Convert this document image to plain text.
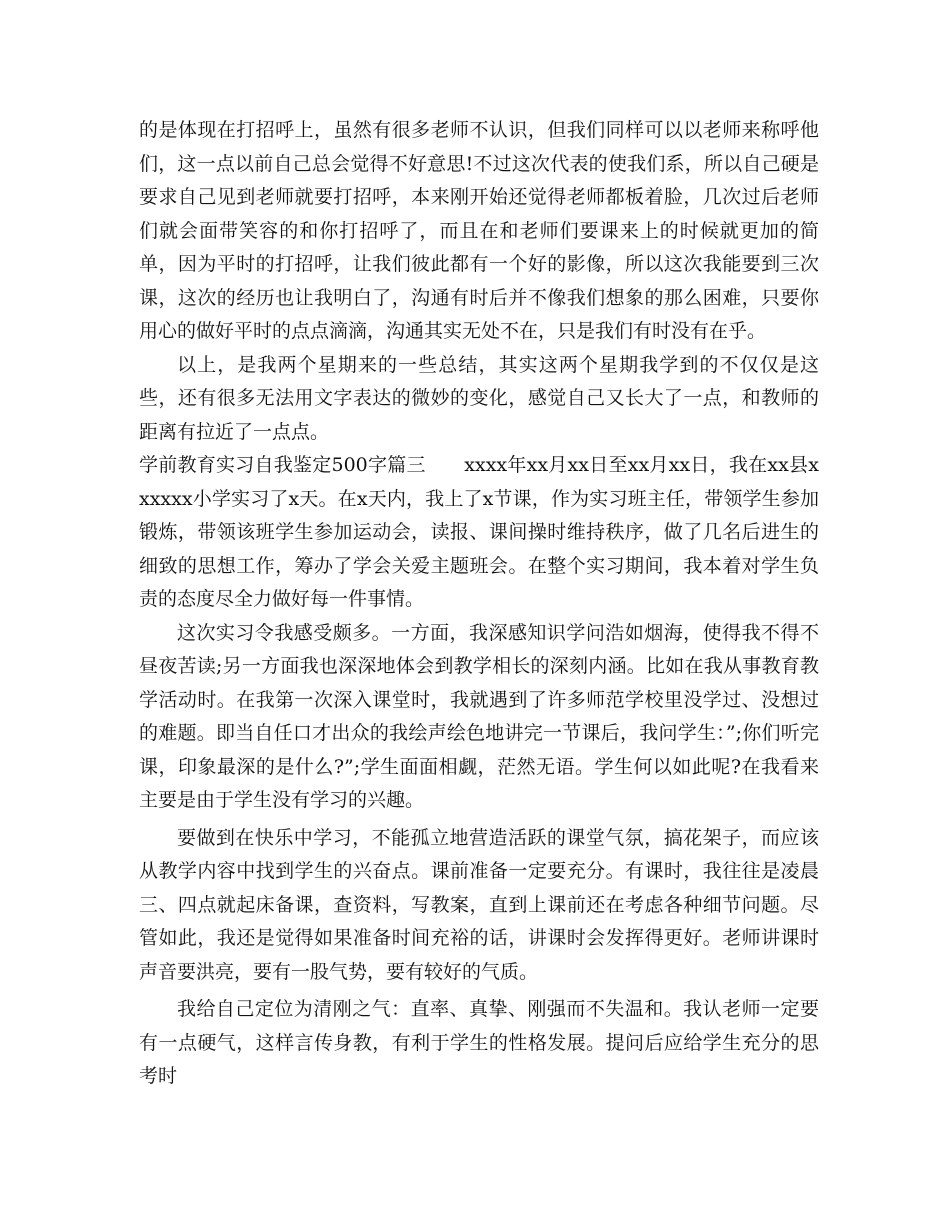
的是体现在打招呼上，虽然有很多老师不认识，但我们同样可以以老师来称呼他们，这一点以前自己总会觉得不好意思!不过这次代表的使我们系，所以自己硬是要求自己见到老师就要打招呼，本来刚开始还觉得老师都板着脸，几次过后老师们就会面带笑容的和你打招呼了，而且在和老师们要课来上的时候就更加的简单，因为平时的打招呼，让我们彼此都有一个好的影像，所以这次我能要到三次课，这次的经历也让我明白了，沟通有时后并不像我们想象的那么困难，只要你用心的做好平时的点点滴滴，沟通其实无处不在，只是我们有时没有在乎。

以上，是我两个星期来的一些总结，其实这两个星期我学到的不仅仅是这些，还有很多无法用文字表达的微妙的变化，感觉自己又长大了一点，和教师的距离有拉近了一点点。

学前教育实习自我鉴定500字篇三　　xxxx年xx月xx日至xx月xx日，我在xx县xxxxxx小学实习了x天。在x天内，我上了x节课，作为实习班主任，带领学生参加锻炼，带领该班学生参加运动会，读报、课间操时维持秩序，做了几名后进生的细致的思想工作，筹办了学会关爱主题班会。在整个实习期间，我本着对学生负责的态度尽全力做好每一件事情。

这次实习令我感受颇多。一方面，我深感知识学问浩如烟海，使得我不得不昼夜苦读;另一方面我也深深地体会到教学相长的深刻内涵。比如在我从事教育教学活动时。在我第一次深入课堂时，我就遇到了许多师范学校里没学过、没想过的难题。即当自任口才出众的我绘声绘色地讲完一节课后，我问学生：”;你们听完课，印象最深的是什么?”;学生面面相觑，茫然无语。学生何以如此呢?在我看来主要是由于学生没有学习的兴趣。

要做到在快乐中学习，不能孤立地营造活跃的课堂气氛，搞花架子，而应该从教学内容中找到学生的兴奋点。课前准备一定要充分。有课时，我往往是凌晨三、四点就起床备课，查资料，写教案，直到上课前还在考虑各种细节问题。尽管如此，我还是觉得如果准备时间充裕的话，讲课时会发挥得更好。老师讲课时声音要洪亮，要有一股气势，要有较好的气质。

我给自己定位为清刚之气：直率、真挚、刚强而不失温和。我认老师一定要有一点硬气，这样言传身教，有利于学生的性格发展。提问后应给学生充分的思考时
